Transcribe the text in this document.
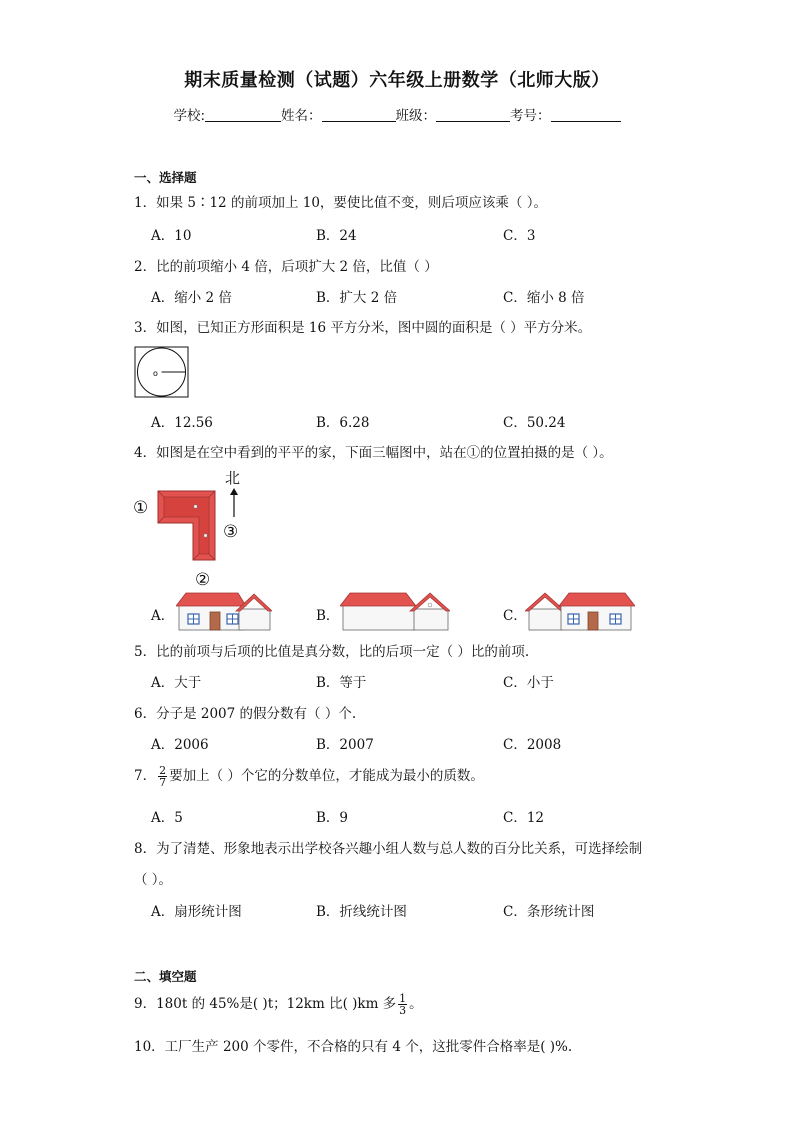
期末质量检测（试题）六年级上册数学（北师大版）
学校:	姓名：	班级：	考号：
一、选择题
1．如果 5∶12 的前项加上 10，要使比值不变，则后项应该乘（ ）。
A．10	B．24	C．3
2．比的前项缩小 4 倍，后项扩大 2 倍，比值（ ）
A．缩小 2 倍	B．扩大 2 倍	C．缩小 8 倍
3．如图，已知正方形面积是 16 平方分米，图中圆的面积是（ ）平方分米。
o
A．12.56	B．6.28	C．50.24
4．如图是在空中看到的平平的家，下面三幅图中，站在①的位置拍摄的是（ ）。
①
北
③
②
A．	B．	C．
5．比的前项与后项的比值是真分数，比的后项一定（ ）比的前项.
A．大于	B．等于	C．小于
6．分子是 2007 的假分数有（ ）个.
A．2006	B．2007	C．2008
7． $\frac{2}{7}$ 要加上（ ）个它的分数单位，才能成为最小的质数。
A．5	B．9	C．12
8．为了清楚、形象地表示出学校各兴趣小组人数与总人数的百分比关系，可选择绘制
（ ）。
A．扇形统计图	B．折线统计图	C．条形统计图
二、填空题
9．180t 的 45%是( )t；12km 比( )km 多 $\frac{1}{3}$ 。
10．工厂生产 200 个零件，不合格的只有 4 个，这批零件合格率是( )%.
